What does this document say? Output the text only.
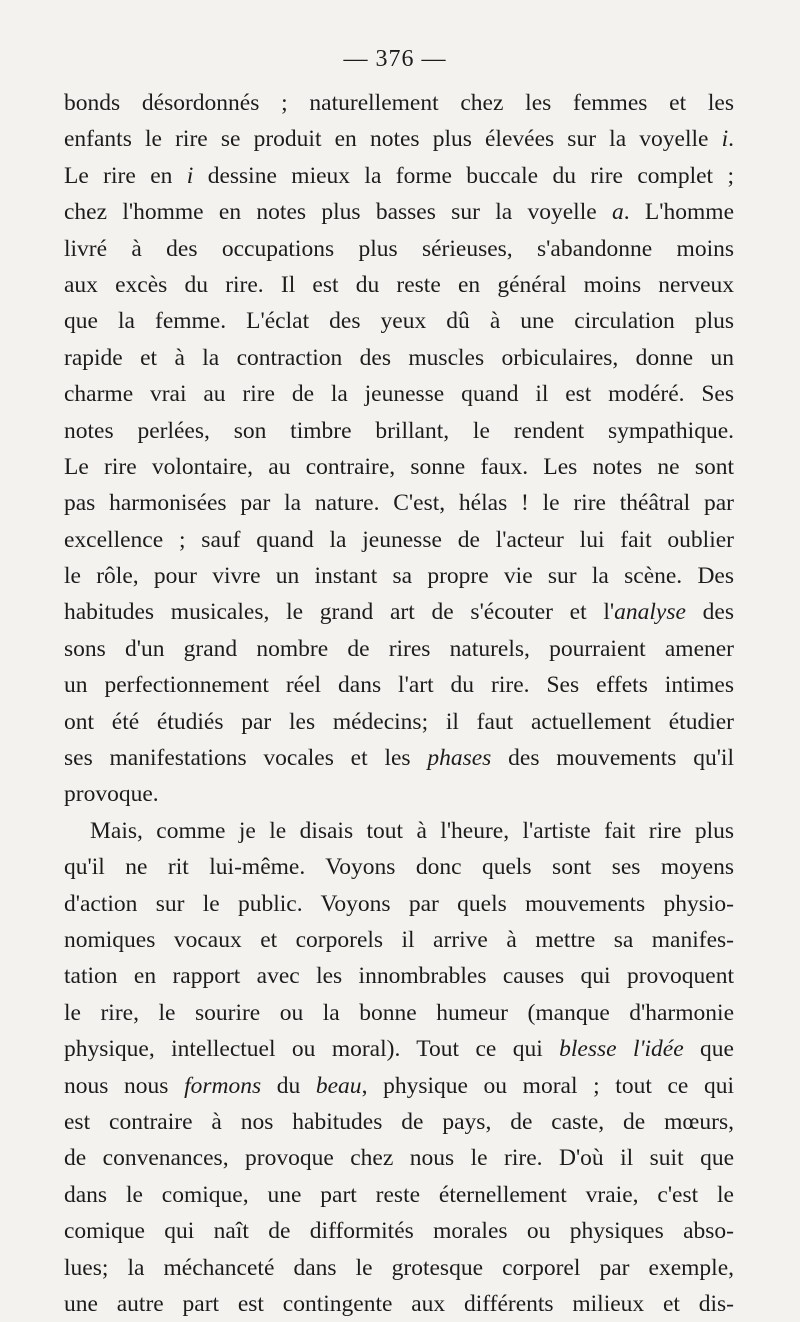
— 376 —
bonds désordonnés ; naturellement chez les femmes et les
enfants le rire se produit en notes plus élevées sur la voyelle i.
Le rire en i dessine mieux la forme buccale du rire complet ;
chez l'homme en notes plus basses sur la voyelle a. L'homme
livré à des occupations plus sérieuses, s'abandonne moins
aux excès du rire. Il est du reste en général moins nerveux
que la femme. L'éclat des yeux dû à une circulation plus
rapide et à la contraction des muscles orbiculaires, donne un
charme vrai au rire de la jeunesse quand il est modéré. Ses
notes perlées, son timbre brillant, le rendent sympathique.
Le rire volontaire, au contraire, sonne faux. Les notes ne sont
pas harmonisées par la nature. C'est, hélas ! le rire théâtral par
excellence ; sauf quand la jeunesse de l'acteur lui fait oublier
le rôle, pour vivre un instant sa propre vie sur la scène. Des
habitudes musicales, le grand art de s'écouter et l'analyse des
sons d'un grand nombre de rires naturels, pourraient amener
un perfectionnement réel dans l'art du rire. Ses effets intimes
ont été étudiés par les médecins; il faut actuellement étudier
ses manifestations vocales et les phases des mouvements qu'il
provoque.
Mais, comme je le disais tout à l'heure, l'artiste fait rire plus
qu'il ne rit lui-même. Voyons donc quels sont ses moyens
d'action sur le public. Voyons par quels mouvements physio-
nomiques vocaux et corporels il arrive à mettre sa manifes-
tation en rapport avec les innombrables causes qui provoquent
le rire, le sourire ou la bonne humeur (manque d'harmonie
physique, intellectuel ou moral). Tout ce qui blesse l'idée que
nous nous formons du beau, physique ou moral ; tout ce qui
est contraire à nos habitudes de pays, de caste, de mœurs,
de convenances, provoque chez nous le rire. D'où il suit que
dans le comique, une part reste éternellement vraie, c'est le
comique qui naît de difformités morales ou physiques abso-
lues; la méchanceté dans le grotesque corporel par exemple,
une autre part est contingente aux différents milieux et dis-
